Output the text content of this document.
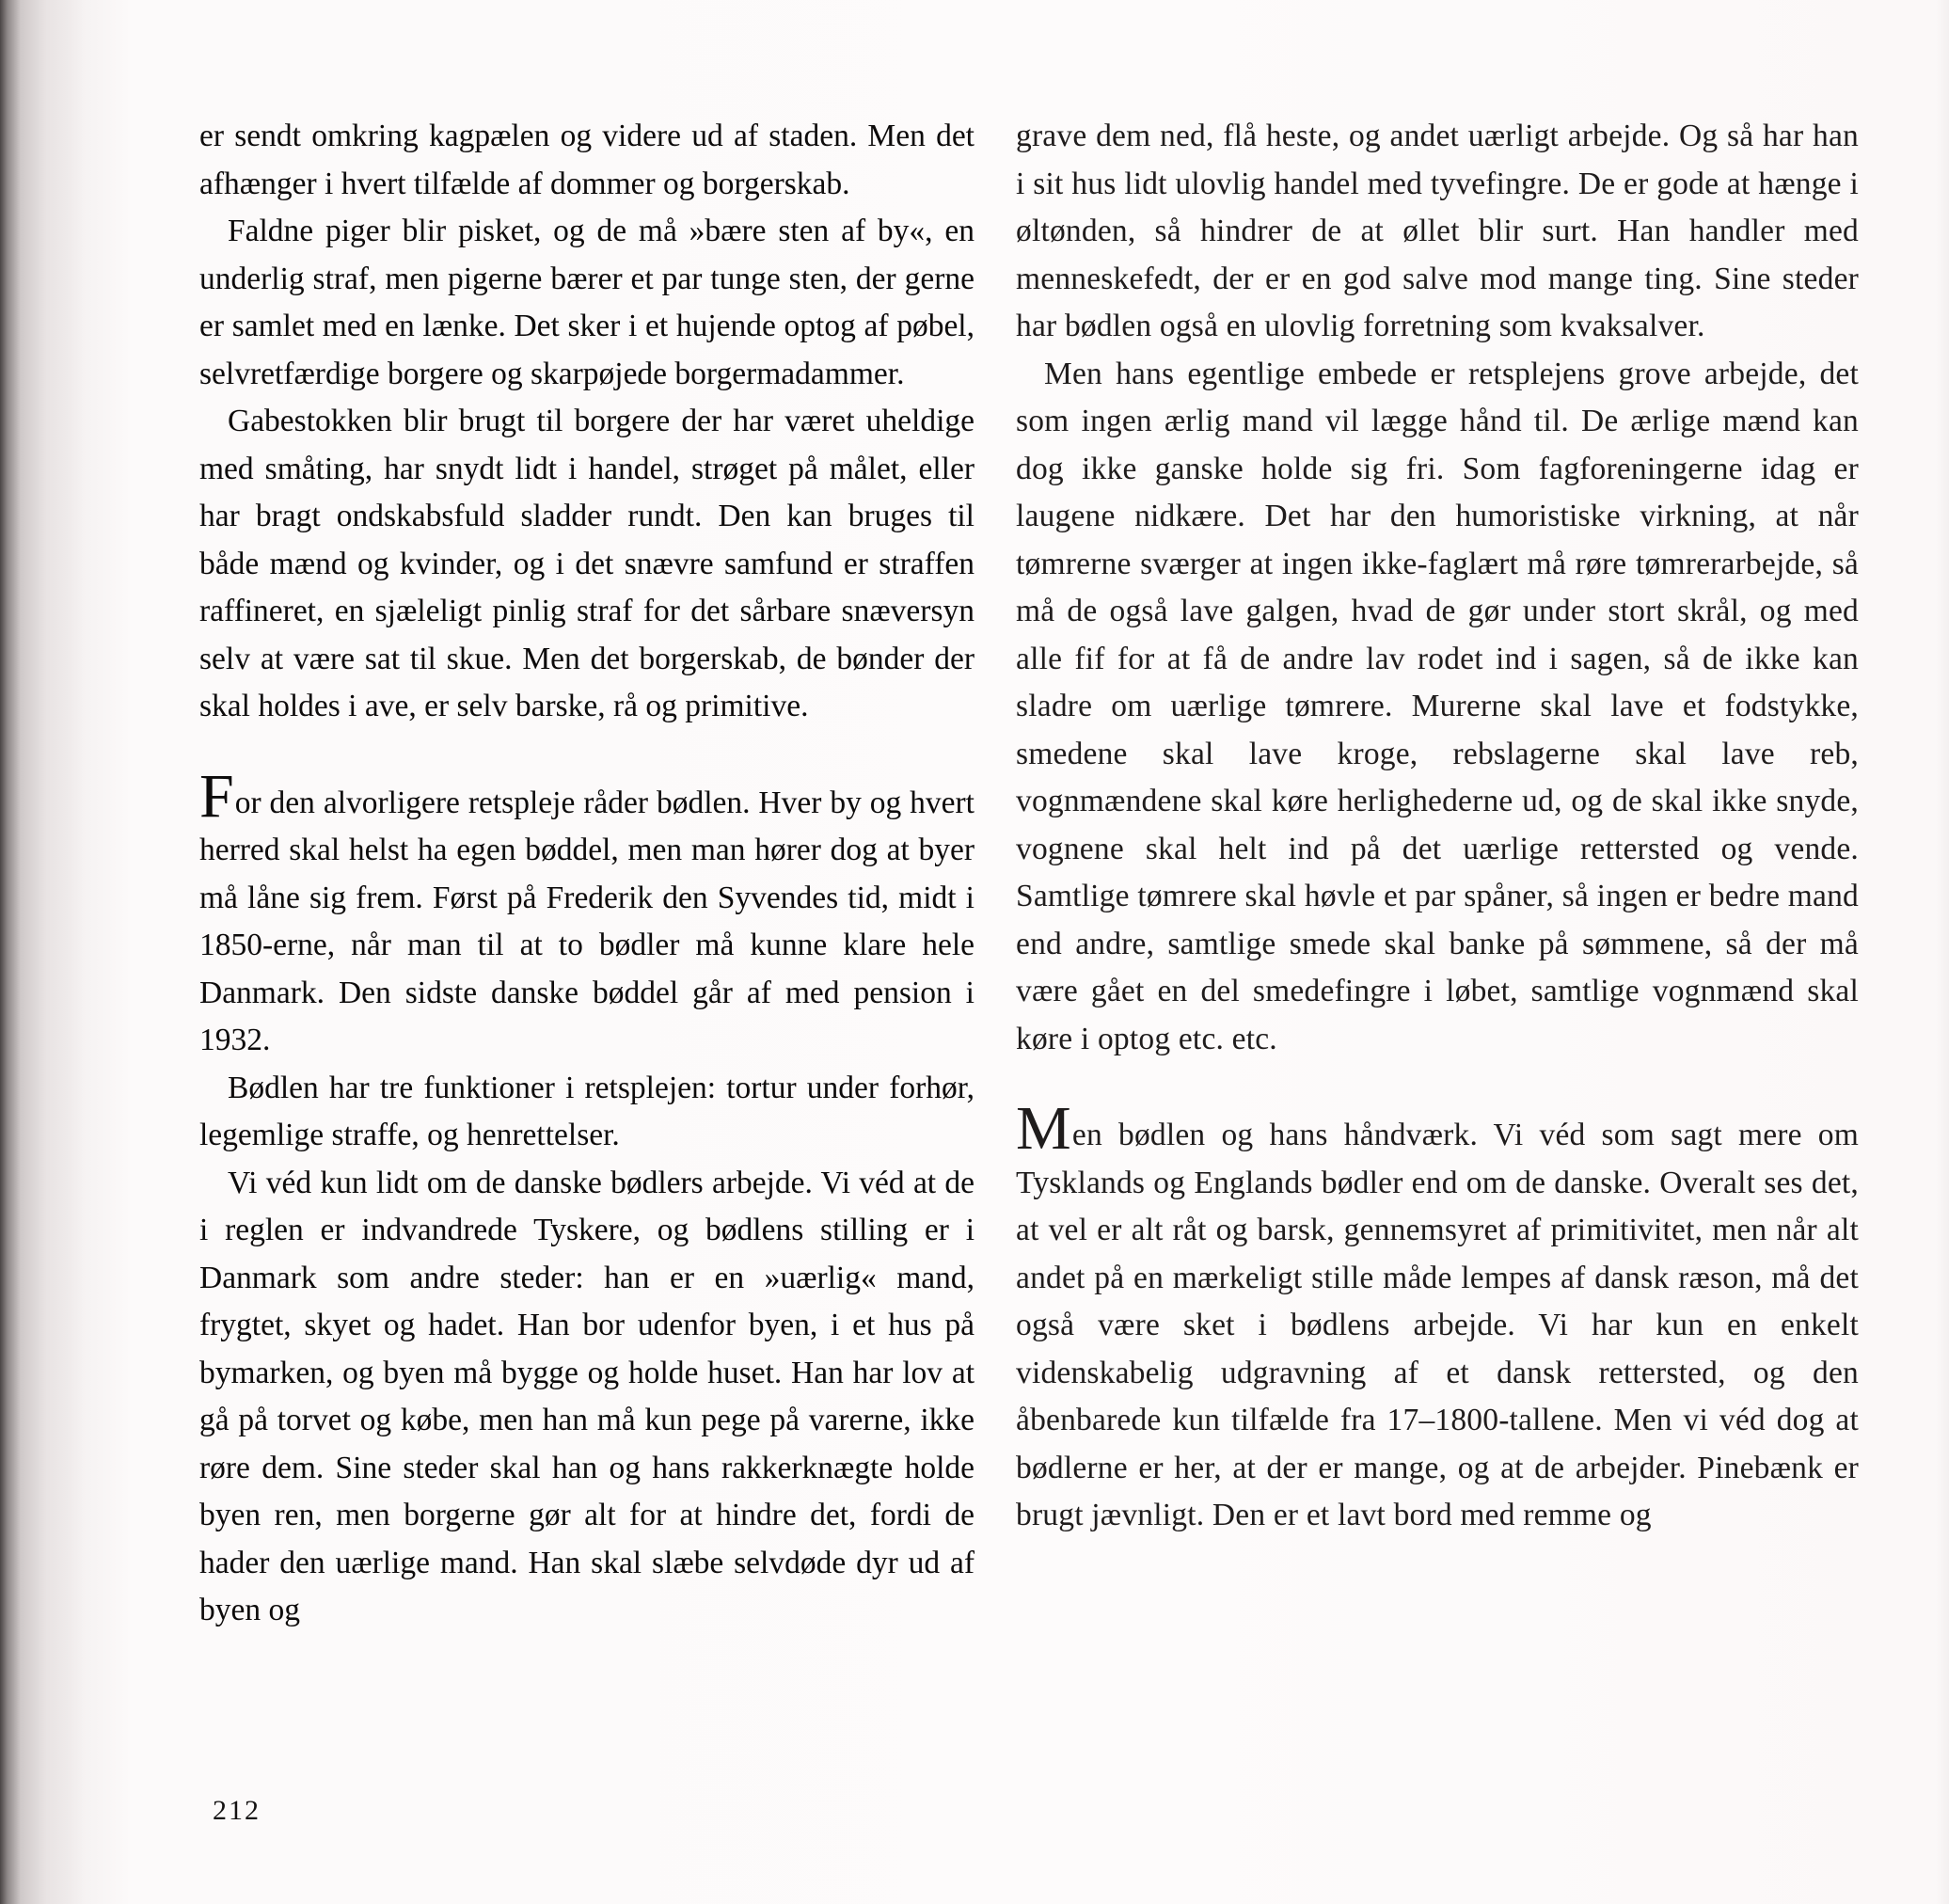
er sendt omkring kagpælen og videre ud af staden. Men det afhænger i hvert tilfælde af dommer og borgerskab.

Faldne piger blir pisket, og de må »bære sten af by«, en underlig straf, men pigerne bærer et par tunge sten, der gerne er samlet med en lænke. Det sker i et hujende optog af pøbel, selvretfærdige borgere og skarpøjede borgermadammer.

Gabestokken blir brugt til borgere der har været uheldige med småting, har snydt lidt i handel, strøget på målet, eller har bragt ondskabsfuld sladder rundt. Den kan bruges til både mænd og kvinder, og i det snævre samfund er straffen raffineret, en sjæleligt pinlig straf for det sårbare snæversyn selv at være sat til skue. Men det borgerskab, de bønder der skal holdes i ave, er selv barske, rå og primitive.

For den alvorligere retspleje råder bødlen. Hver by og hvert herred skal helst ha egen bøddel, men man hører dog at byer må låne sig frem. Først på Frederik den Syvendes tid, midt i 1850-erne, når man til at to bødler må kunne klare hele Danmark. Den sidste danske bøddel går af med pension i 1932.

Bødlen har tre funktioner i retsplejen: tortur under forhør, legemlige straffe, og henrettelser.

Vi véd kun lidt om de danske bødlers arbejde. Vi véd at de i reglen er indvandrede Tyskere, og bødlens stilling er i Danmark som andre steder: han er en »uærlig« mand, frygtet, skyet og hadet. Han bor udenfor byen, i et hus på bymarken, og byen må bygge og holde huset. Han har lov at gå på torvet og købe, men han må kun pege på varerne, ikke røre dem. Sine steder skal han og hans rakkerknægte holde byen ren, men borgerne gør alt for at hindre det, fordi de hader den uærlige mand. Han skal slæbe selvdøde dyr ud af byen og

grave dem ned, flå heste, og andet uærligt arbejde. Og så har han i sit hus lidt ulovlig handel med tyvefingre. De er gode at hænge i øltønden, så hindrer de at øllet blir surt. Han handler med menneskefedt, der er en god salve mod mange ting. Sine steder har bødlen også en ulovlig forretning som kvaksalver.

Men hans egentlige embede er retsplejens grove arbejde, det som ingen ærlig mand vil lægge hånd til. De ærlige mænd kan dog ikke ganske holde sig fri. Som fagforeningerne idag er laugene nidkære. Det har den humoristiske virkning, at når tømrerne sværger at ingen ikke-faglært må røre tømrerarbejde, så må de også lave galgen, hvad de gør under stort skrål, og med alle fif for at få de andre lav rodet ind i sagen, så de ikke kan sladre om uærlige tømrere. Murerne skal lave et fodstykke, smedene skal lave kroge, rebslagerne skal lave reb, vognmændene skal køre herlighederne ud, og de skal ikke snyde, vognene skal helt ind på det uærlige rettersted og vende. Samtlige tømrere skal høvle et par spåner, så ingen er bedre mand end andre, samtlige smede skal banke på sømmene, så der må være gået en del smedefingre i løbet, samtlige vognmænd skal køre i optog etc. etc.

Men bødlen og hans håndværk. Vi véd som sagt mere om Tysklands og Englands bødler end om de danske. Overalt ses det, at vel er alt råt og barsk, gennemsyret af primitivitet, men når alt andet på en mærkeligt stille måde lempes af dansk ræson, må det også være sket i bødlens arbejde. Vi har kun en enkelt videnskabelig udgravning af et dansk rettersted, og den åbenbarede kun tilfælde fra 17–1800-tallene. Men vi véd dog at bødlerne er her, at der er mange, og at de arbejder. Pinebænk er brugt jævnligt. Den er et lavt bord med remme og

212
